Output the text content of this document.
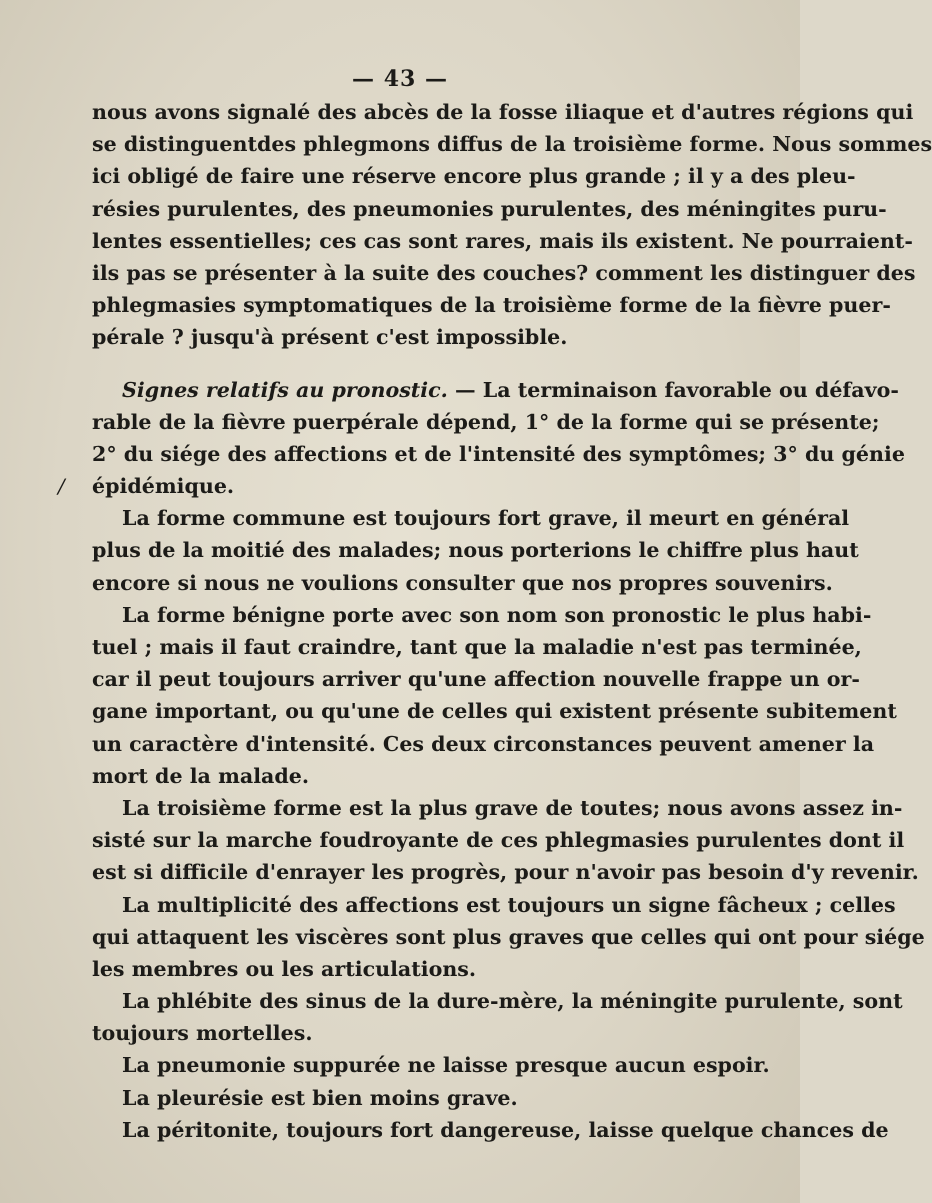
— 43 —
/
nous avons signalé des abcès de la fosse iliaque et d'autres régions qui
se distinguentdes phlegmons diffus de la troisième forme. Nous sommes
ici obligé de faire une réserve encore plus grande ; il y a des pleu-
résies purulentes, des pneumonies purulentes, des méningites puru-
lentes essentielles; ces cas sont rares, mais ils existent. Ne pourraient-
ils pas se présenter à la suite des couches? comment les distinguer des
phlegmasies symptomatiques de la troisième forme de la fièvre puer-
pérale ? jusqu'à présent c'est impossible.
Signes relatifs au pronostic. — La terminaison favorable ou défavo-
rable de la fièvre puerpérale dépend, 1° de la forme qui se présente;
2° du siége des affections et de l'intensité des symptômes; 3° du génie
épidémique.
La forme commune est toujours fort grave, il meurt en général
plus de la moitié des malades; nous porterions le chiffre plus haut
encore si nous ne voulions consulter que nos propres souvenirs.
La forme bénigne porte avec son nom son pronostic le plus habi-
tuel ; mais il faut craindre, tant que la maladie n'est pas terminée,
car il peut toujours arriver qu'une affection nouvelle frappe un or-
gane important, ou qu'une de celles qui existent présente subitement
un caractère d'intensité. Ces deux circonstances peuvent amener la
mort de la malade.
La troisième forme est la plus grave de toutes; nous avons assez in-
sisté sur la marche foudroyante de ces phlegmasies purulentes dont il
est si difficile d'enrayer les progrès, pour n'avoir pas besoin d'y revenir.
La multiplicité des affections est toujours un signe fâcheux ; celles
qui attaquent les viscères sont plus graves que celles qui ont pour siége
les membres ou les articulations.
La phlébite des sinus de la dure-mère, la méningite purulente, sont
toujours mortelles.
La pneumonie suppurée ne laisse presque aucun espoir.
La pleurésie est bien moins grave.
La péritonite, toujours fort dangereuse, laisse quelque chances de
